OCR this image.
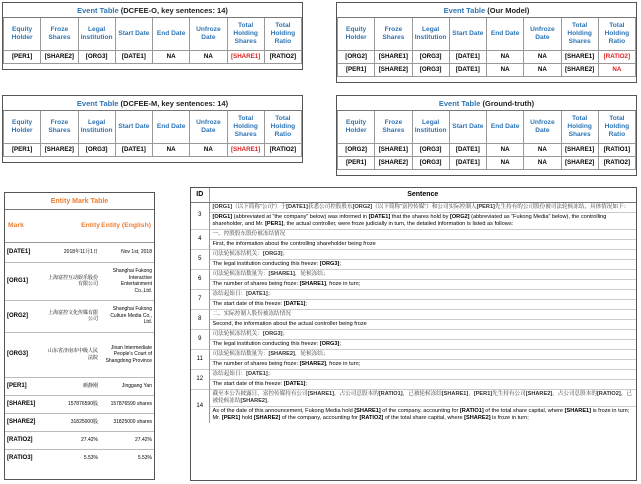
Event Table (DCFEE-O, key sentences: 14)
Equity Holder	Froze Shares	Legal Institution	Start Date	End Date	Unfroze Date	Total Holding Shares	Total Holding Ratio
[PER1]	[SHARE2]	[ORG3]	[DATE1]	NA	NA	[SHARE1]	[RATIO2]
Event Table (Our Model)
Equity Holder	Froze Shares	Legal Institution	Start Date	End Date	Unfroze Date	Total Holding Shares	Total Holding Ratio
[ORG2]	[SHARE1]	[ORG3]	[DATE1]	NA	NA	[SHARE1]	[RATIO2]
[PER1]	[SHARE2]	[ORG3]	[DATE1]	NA	NA	[SHARE2]	NA
Event Table (DCFEE-M, key sentences: 14)
Equity Holder	Froze Shares	Legal Institution	Start Date	End Date	Unfroze Date	Total Holding Shares	Total Holding Ratio
[PER1]	[SHARE2]	[ORG3]	[DATE1]	NA	NA	[SHARE1]	[RATIO2]
Event Table (Ground-truth)
Equity Holder	Froze Shares	Legal Institution	Start Date	End Date	Unfroze Date	Total Holding Shares	Total Holding Ratio
[ORG2]	[SHARE1]	[ORG3]	[DATE1]	NA	NA	[SHARE1]	[RATIO1]
[PER1]	[SHARE2]	[ORG3]	[DATE1]	NA	NA	[SHARE2]	[RATIO2]
Entity Mark Table
Mark	Entity	Entity (English)
[DATE1]	2018年11月1日	Nov 1st, 2018
[ORG1]	上海富控互动娱乐股份有限公司	Shanghai Fukong Interactive Entertainment Co.,Ltd.
[ORG2]	上海富控文化传媒有限公司	Shanghai Fukong Culture Media Co., Ltd.
[ORG3]	山东省济南市中级人民法院	Jinan Intermediate People's Court of Shangdong Province
[PER1]	颜静刚	Jinggang Yan
[SHARE1]	157876590股	157876590 shares
[SHARE2]	31825000股	31825000 shares
[RATIO2]	27.42%	27.42%
[RATIO3]	5.53%	5.53%
ID	Sentence
3	[ORG1]（以下简称“公司”）于[DATE1]获悉公司控股股东[ORG2]（以下简称“富控传媒”）和公司实际控制人[PER1]先生持有的公司股份被司法轮候冻结，具体情况如下：
	[ORG1] (abbreviated at “the company” below) was informed in [DATE1] that the shares hold by [ORG2] (abbreviated as “Fukong Media” below), the controlling shareholder, and Mr. [PER1], the actual controller, were froze judicially in turn, the detailed information is listed as follows:
4	一、控股股东股份被冻结情况
	First, the information about the controlling shareholder being froze
5	司法轮候冻结机关：[ORG3]；
	The legal institution conducting this freeze: [ORG3];
6	司法轮候冻结数量为：[SHARE1]，轮候冻结；
	The number of shares being froze: [SHARE1], froze in turn;
7	冻结起始日：[DATE1]；
	The start date of this freeze: [DATE1];
8	二、实际控制人股份被冻结情况
	Second, the information about the actual controller being froze
9	司法轮候冻结机关：[ORG3]；
	The legal institution conducting this freeze: [ORG3];
11	司法轮候冻结数量为：[SHARE2]，轮候冻结；
	The number of shares being froze: [SHARE2], froze in turn;
12	冻结起始日：[DATE1]；
	The start date of this freeze: [DATE1];
14	截至本公告披露日，富控传媒持有公司[SHARE1]，占公司总股本的[RATIO1]，已被轮候冻结[SHARE1]，[PER1]先生持有公司[SHARE2]，占公司总股本的[RATIO2]，已被轮候冻结[SHARE2]。
	As of the date of this announcement, Fukong Media hold [SHARE1] of the company, accounting for [RATIO1] of the total share capital, where [SHARE1] is froze in turn; Mr. [PER1] hold [SHARE2] of the company, accounting for [RATIO2] of the total share capital, where [SHARE2] is froze in turn;
